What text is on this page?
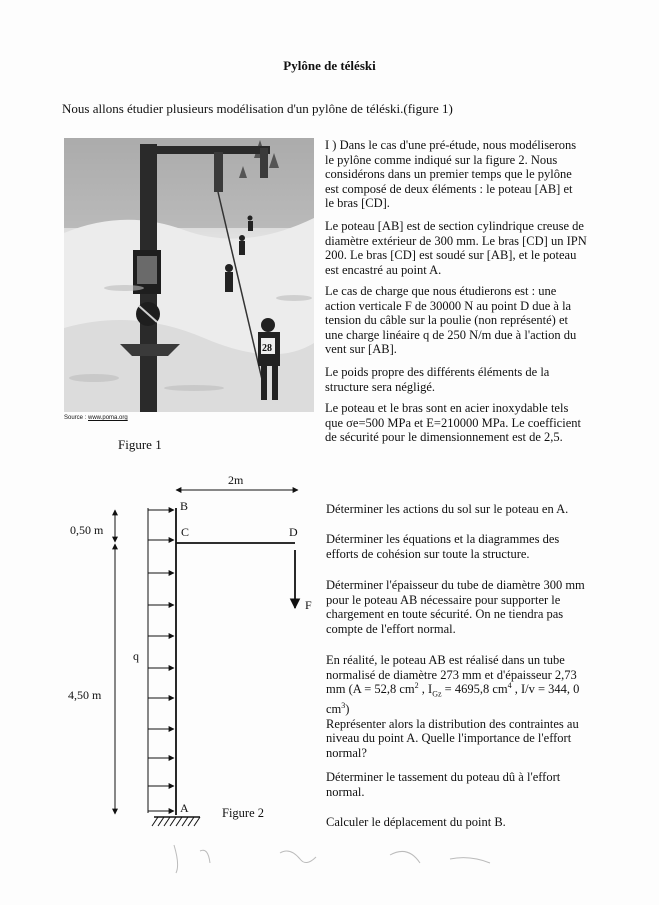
Pylône de téléski
Nous allons étudier plusieurs modélisation d'un pylône de téléski.(figure 1)
28
Source : www.poma.org
Figure 1
I ) Dans le cas d'une pré-étude, nous modéliserons le pylône comme indiqué sur la figure 2. Nous considérons dans un premier temps que le pylône est composé de deux éléments : le poteau [AB] et le bras [CD].
Le poteau [AB] est de section cylindrique creuse de diamètre extérieur de 300 mm. Le bras [CD] un IPN 200. Le bras [CD] est soudé sur [AB], et le poteau est encastré au point A.
Le cas de charge que nous étudierons est : une action verticale F de 30000 N au point D due à la tension du câble sur la poulie (non représenté) et une charge linéaire q de 250 N/m due à l'action du vent sur [AB].
Le poids propre des différents éléments de la structure sera négligé.
Le poteau et le bras sont en acier inoxydable tels que σe=500 MPa et E=210000 MPa. Le coefficient de sécurité pour le dimensionnement est de 2,5.
2m
F
q
B
C	D
A
0,50 m
4,50 m
Figure 2
Déterminer les actions du sol sur le poteau en A.
Déterminer les équations et la diagrammes des efforts de cohésion sur toute la structure.
Déterminer l'épaisseur du tube de diamètre 300 mm pour le poteau AB nécessaire pour supporter le chargement en toute sécurité. On ne tiendra pas compte de l'effort normal.
En réalité, le poteau AB est réalisé dans un tube normalisé de diamètre 273 mm et d'épaisseur 2,73 mm (A = 52,8 $cm^2$ , $I_{Gz} = 4695,8$ $cm^4$ , I/v = 344, 0 $cm^3$)
Représenter alors la distribution des contraintes au niveau du point A. Quelle l'importance de l'effort normal?
Déterminer le tassement du poteau dû à l'effort normal.
Calculer le déplacement du point B.
